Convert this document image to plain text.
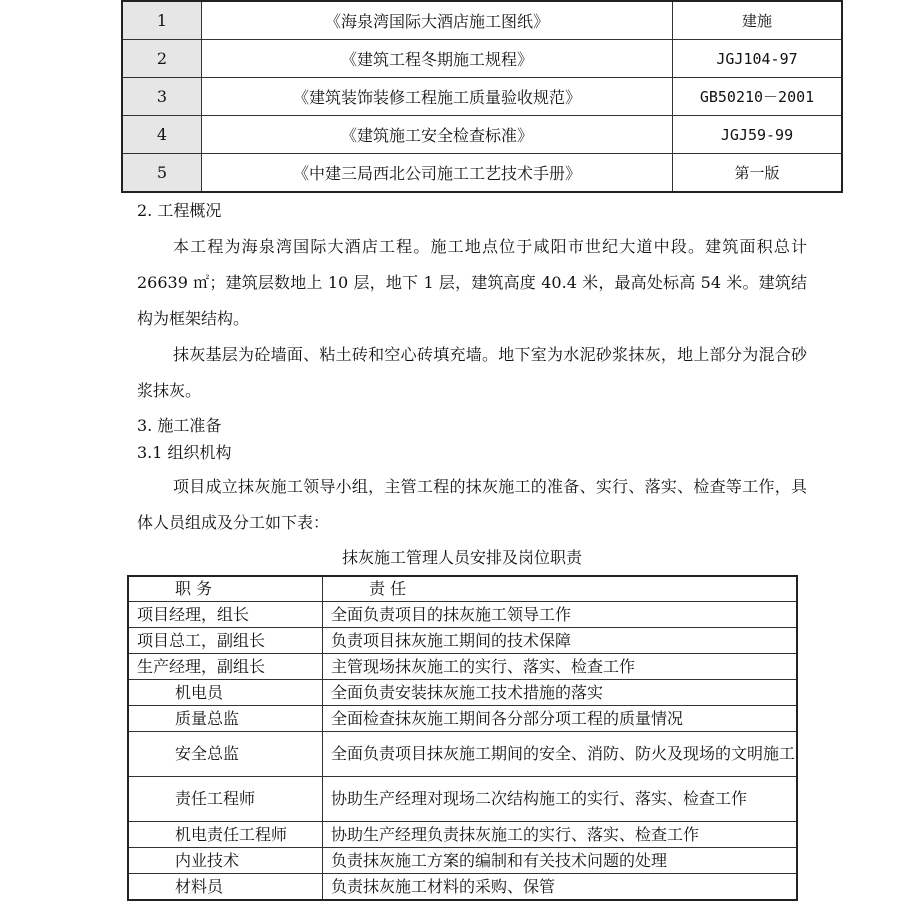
1	《海泉湾国际大酒店施工图纸》	建施
2	《建筑工程冬期施工规程》	JGJ104-97
3	《建筑装饰装修工程施工质量验收规范》	GB50210－2001
4	《建筑施工安全检查标准》	JGJ59-99
5	《中建三局西北公司施工工艺技术手册》	第一版
2. 工程概况
本工程为海泉湾国际大酒店工程。施工地点位于咸阳市世纪大道中段。建筑面积总计 26639 ㎡；建筑层数地上 10 层，地下 1 层，建筑高度 40.4 米，最高处标高 54 米。建筑结构为框架结构。
抹灰基层为砼墙面、粘土砖和空心砖填充墙。地下室为水泥砂浆抹灰，地上部分为混合砂浆抹灰。
3. 施工准备
3.1 组织机构
项目成立抹灰施工领导小组，主管工程的抹灰施工的准备、实行、落实、检查等工作，具体人员组成及分工如下表：
抹灰施工管理人员安排及岗位职责
职 务	责 任
项目经理，组长	全面负责项目的抹灰施工领导工作
项目总工，副组长	负责项目抹灰施工期间的技术保障
生产经理，副组长	主管现场抹灰施工的实行、落实、检查工作
机电员	全面负责安装抹灰施工技术措施的落实
质量总监	全面检查抹灰施工期间各分部分项工程的质量情况
安全总监	全面负责项目抹灰施工期间的安全、消防、防火及现场的文明施工
责任工程师	协助生产经理对现场二次结构施工的实行、落实、检查工作
机电责任工程师	协助生产经理负责抹灰施工的实行、落实、检查工作
内业技术	负责抹灰施工方案的编制和有关技术问题的处理
材料员	负责抹灰施工材料的采购、保管
